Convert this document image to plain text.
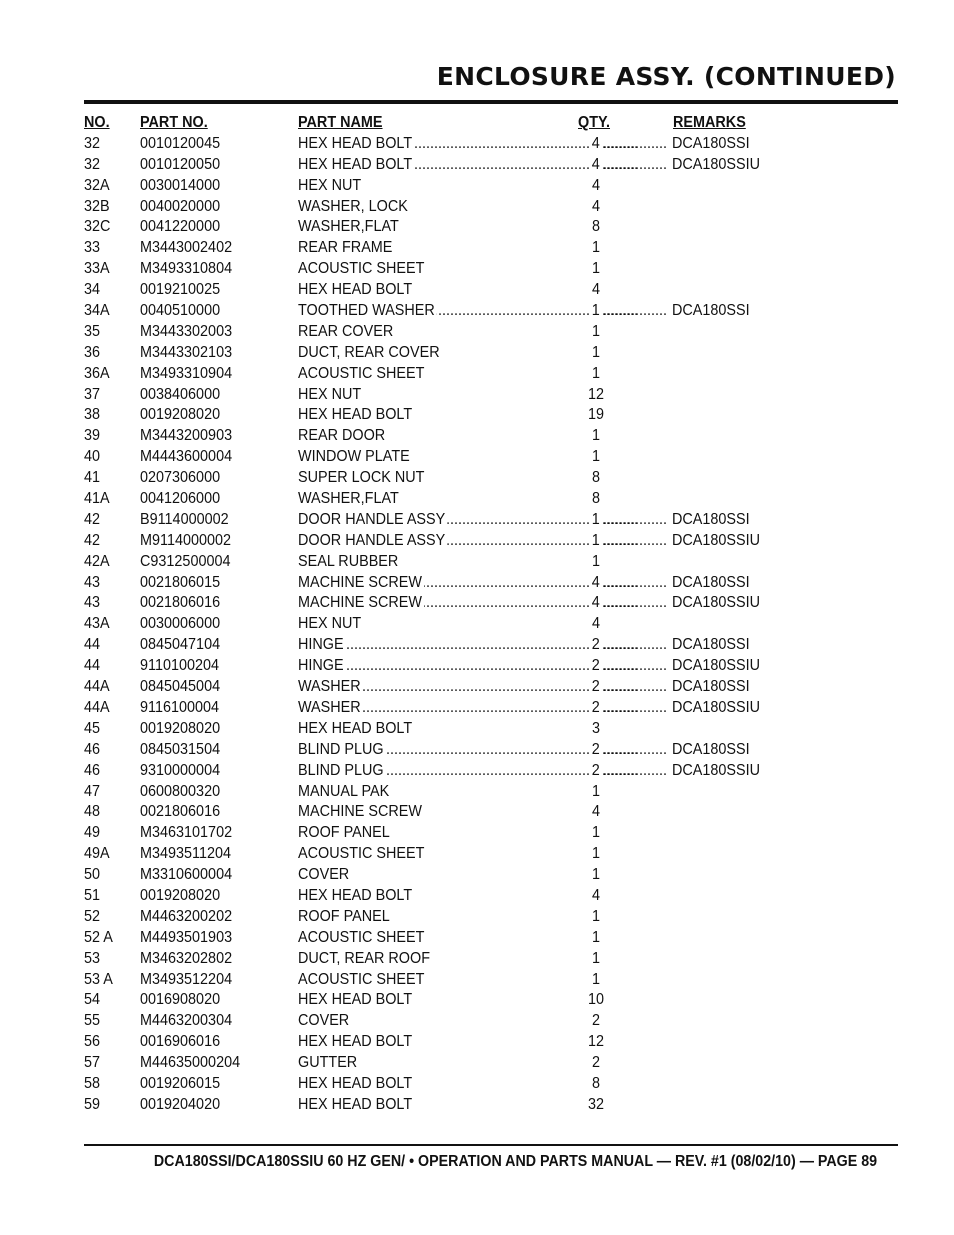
ENCLOSURE ASSY. (CONTINUED)
NO. PART NO.	PART NAME	QTY.	REMARKS
32 0010120045 .....	HEX HEAD BOLT	4 .....	DCA180SSI
32 0010120050 .....	HEX HEAD BOLT	4 .....	DCA180SSIU
32A 0030014000	HEX NUT	4
32B 0040020000	WASHER, LOCK	4
32C 0041220000	WASHER,FLAT	8
33 M3443002402	REAR FRAME	1
33A M3493310804	ACOUSTIC SHEET	1
34 0019210025	HEX HEAD BOLT	4
34A 0040510000 .....	TOOTHED WASHER	1 .....	DCA180SSI
35 M3443302003	REAR COVER	1
36 M3443302103	DUCT, REAR COVER	1
36A M3493310904	ACOUSTIC SHEET	1
37 0038406000	HEX NUT	12
38 0019208020	HEX HEAD BOLT	19
39 M3443200903	REAR DOOR	1
40 M4443600004	WINDOW PLATE	1
41 0207306000	SUPER LOCK NUT	8
41A 0041206000	WASHER,FLAT	8
42 B9114000002 .....	DOOR HANDLE ASSY	1 .....	DCA180SSI
42 M9114000002 .....	DOOR HANDLE ASSY	1 .....	DCA180SSIU
42A C9312500004	SEAL RUBBER	1
43 0021806015 .....	MACHINE SCREW	4 .....	DCA180SSI
43 0021806016 .....	MACHINE SCREW	4 .....	DCA180SSIU
43A 0030006000	HEX NUT	4
44 0845047104 .....	HINGE	2 .....	DCA180SSI
44 9110100204 .....	HINGE	2 .....	DCA180SSIU
44A 0845045004 .....	WASHER	2 .....	DCA180SSI
44A 9116100004 .....	WASHER	2 .....	DCA180SSIU
45 0019208020	HEX HEAD BOLT	3
46 0845031504 .....	BLIND PLUG	2 .....	DCA180SSI
46 9310000004 .....	BLIND PLUG	2 .....	DCA180SSIU
47 0600800320	MANUAL PAK	1
48 0021806016	MACHINE SCREW	4
49 M3463101702	ROOF PANEL	1
49A M3493511204	ACOUSTIC SHEET	1
50 M3310600004	COVER	1
51 0019208020	HEX HEAD BOLT	4
52 M4463200202	ROOF PANEL	1
52 A M4493501903	ACOUSTIC SHEET	1
53 M3463202802	DUCT, REAR ROOF	1
53 A M3493512204	ACOUSTIC SHEET	1
54 0016908020	HEX HEAD BOLT	10
55 M4463200304	COVER	2
56 0016906016	HEX HEAD BOLT	12
57 M44635000204	GUTTER	2
58 0019206015	HEX HEAD BOLT	8
59 0019204020	HEX HEAD BOLT	32
DCA180SSI/DCA180SSIU 60 HZ GEN/ • OPERATION AND PARTS MANUAL — REV. #1 (08/02/10) — PAGE 89
